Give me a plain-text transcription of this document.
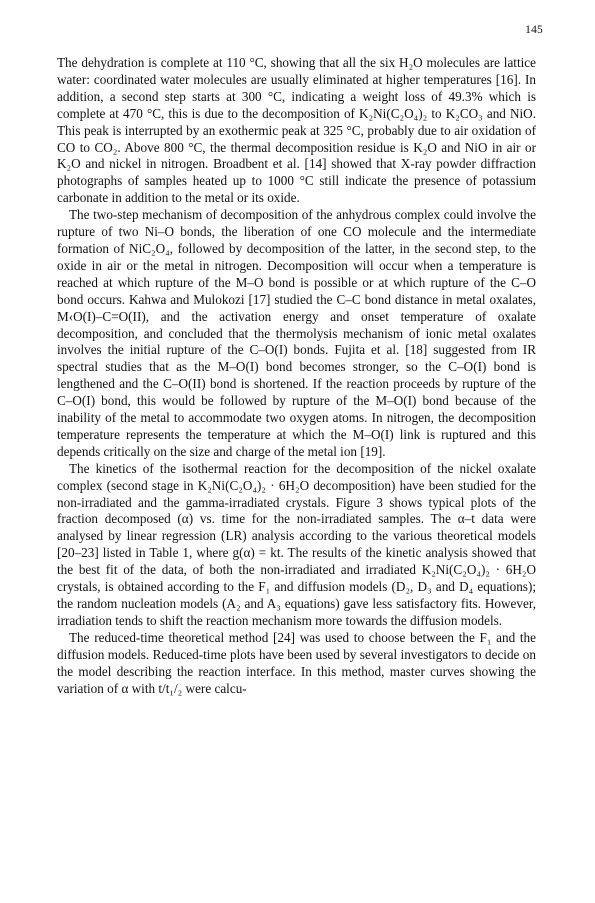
145

The dehydration is complete at 110 °C, showing that all the six H₂O molecules are lattice water: coordinated water molecules are usually eliminated at higher temperatures [16]. In addition, a second step starts at 300 °C, indicating a weight loss of 49.3% which is complete at 470 °C, this is due to the decomposition of K₂Ni(C₂O₄)₂ to K₂CO₃ and NiO. This peak is interrupted by an exothermic peak at 325 °C, probably due to air oxidation of CO to CO₂. Above 800 °C, the thermal decomposition residue is K₂O and NiO in air or K₂O and nickel in nitrogen. Broadbent et al. [14] showed that X-ray powder diffraction photographs of samples heated up to 1000 °C still indicate the presence of potassium carbonate in addition to the metal or its oxide.

The two-step mechanism of decomposition of the anhydrous complex could involve the rupture of two Ni–O bonds, the liberation of one CO molecule and the intermediate formation of NiC₂O₄, followed by decomposition of the latter, in the second step, to the oxide in air or the metal in nitrogen. Decomposition will occur when a temperature is reached at which rupture of the M–O bond is possible or at which rupture of the C–O bond occurs. Kahwa and Mulokozi [17] studied the C–C bond distance in metal oxalates, M‹O(I)–C=O(II), and the activation energy and onset temperature of oxalate decomposition, and concluded that the thermolysis mechanism of ionic metal oxalates involves the initial rupture of the C–O(I) bonds. Fujita et al. [18] suggested from IR spectral studies that as the M–O(I) bond becomes stronger, so the C–O(I) bond is lengthened and the C–O(II) bond is shortened. If the reaction proceeds by rupture of the C–O(I) bond, this would be followed by rupture of the M–O(I) bond because of the inability of the metal to accommodate two oxygen atoms. In nitrogen, the decomposition temperature represents the temperature at which the M–O(I) link is ruptured and this depends critically on the size and charge of the metal ion [19].

The kinetics of the isothermal reaction for the decomposition of the nickel oxalate complex (second stage in K₂Ni(C₂O₄)₂ · 6H₂O decomposition) have been studied for the non-irradiated and the gamma-irradiated crystals. Figure 3 shows typical plots of the fraction decomposed (α) vs. time for the non-irradiated samples. The α–t data were analysed by linear regression (LR) analysis according to the various theoretical models [20–23] listed in Table 1, where g(α) = kt. The results of the kinetic analysis showed that the best fit of the data, of both the non-irradiated and irradiated K₂Ni(C₂O₄)₂ · 6H₂O crystals, is obtained according to the F₁ and diffusion models (D₂, D₃ and D₄ equations); the random nucleation models (A₂ and A₃ equations) gave less satisfactory fits. However, irradiation tends to shift the reaction mechanism more towards the diffusion models.

The reduced-time theoretical method [24] was used to choose between the F₁ and the diffusion models. Reduced-time plots have been used by several investigators to decide on the model describing the reaction interface. In this method, master curves showing the variation of α with t/t₁/₂ were calcu-
